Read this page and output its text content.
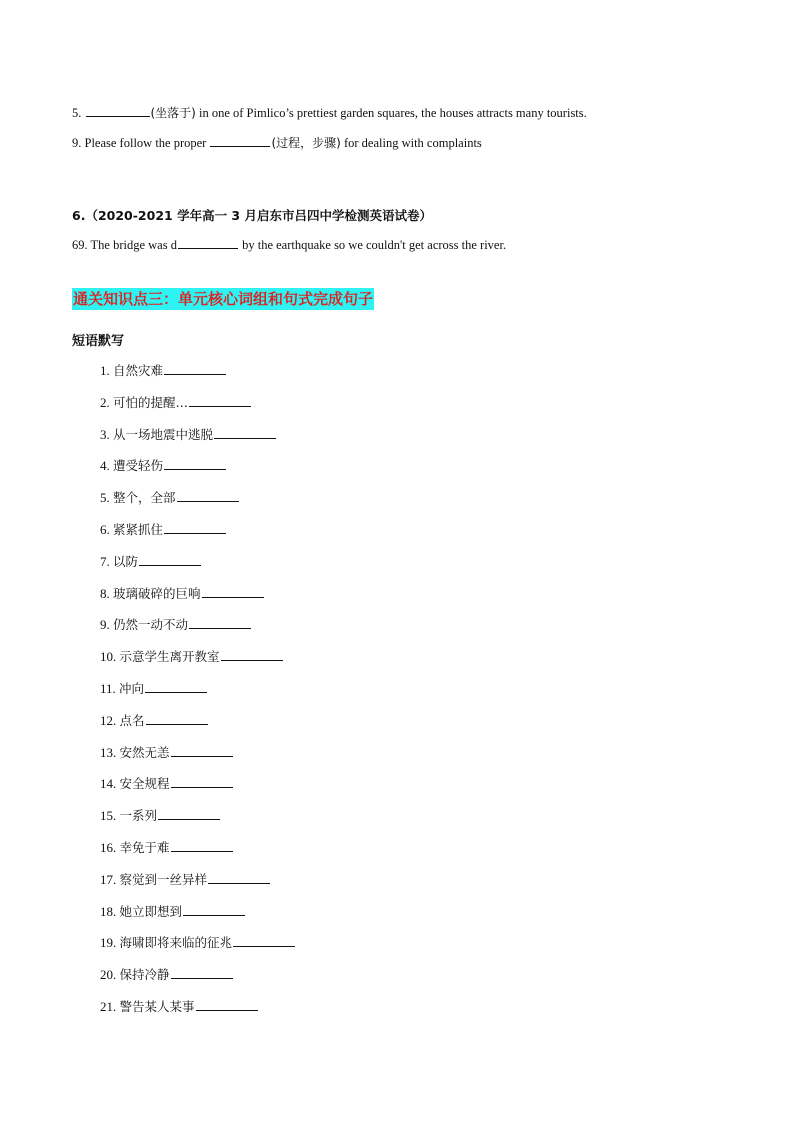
5.	(坐落于) in one of Pimlico’s prettiest garden squares, the houses attracts many tourists.
9. Please follow the proper	(过程，步骤) for dealing with complaints
6.（2020-2021 学年高一 3 月启东市吕四中学检测英语试卷）
69. The bridge was d	by the earthquake so we couldn't get across the river.
通关知识点三：单元核心词组和句式完成句子
短语默写
1. 自然灾难
2. 可怕的提醒…
3. 从一场地震中逃脱
4. 遭受轻伤
5. 整个，全部
6. 紧紧抓住
7. 以防
8. 玻璃破碎的巨响
9. 仍然一动不动
10. 示意学生离开教室
11. 冲向
12. 点名
13. 安然无恙
14. 安全规程
15. 一系列
16. 幸免于难
17. 察觉到一丝异样
18. 她立即想到
19. 海啸即将来临的征兆
20. 保持冷静
21. 警告某人某事
